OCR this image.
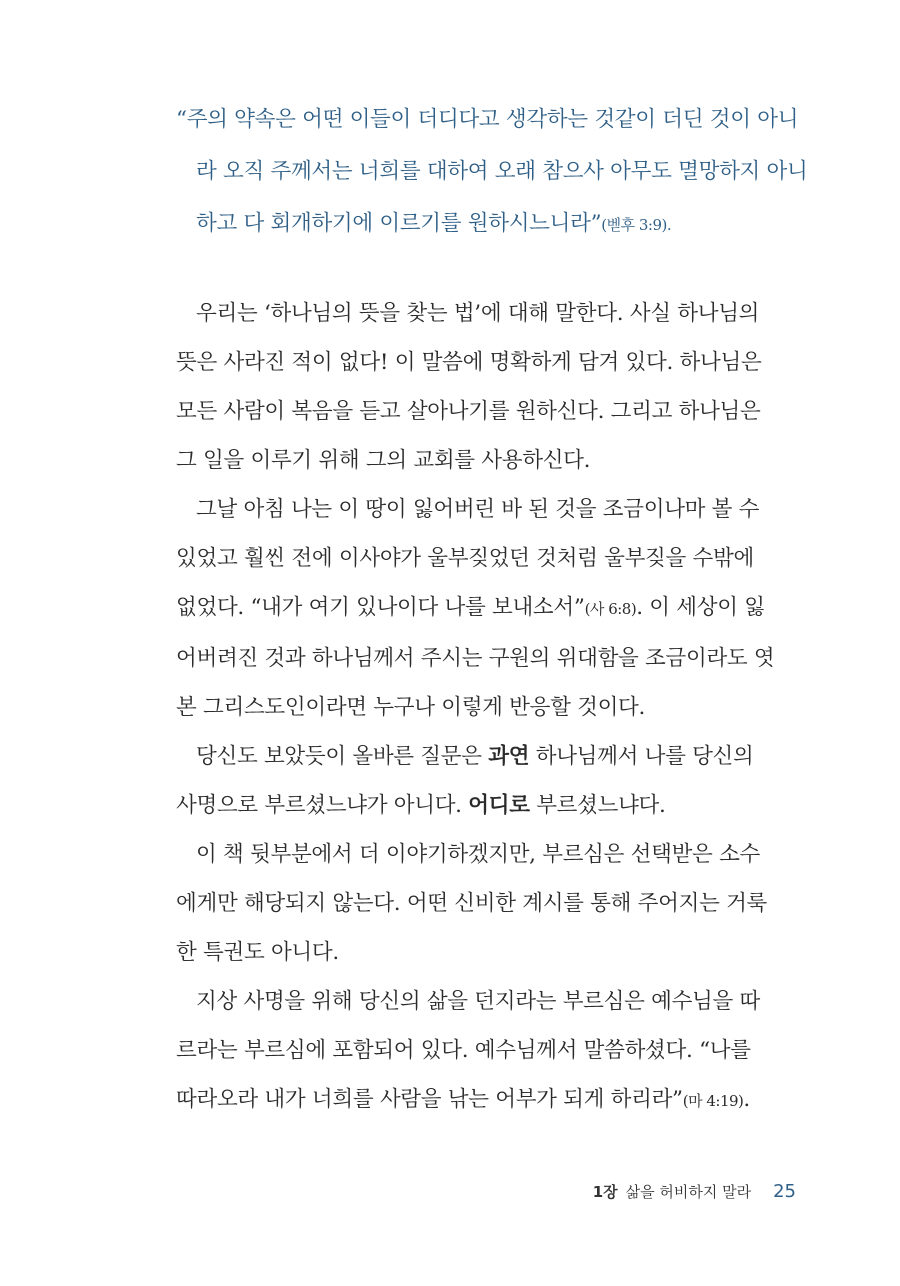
“주의 약속은 어떤 이들이 더디다고 생각하는 것같이 더딘 것이 아니
라 오직 주께서는 너희를 대하여 오래 참으사 아무도 멸망하지 아니
하고 다 회개하기에 이르기를 원하시느니라”(벧후 3:9).
우리는 ‘하나님의 뜻을 찾는 법’에 대해 말한다. 사실 하나님의
뜻은 사라진 적이 없다! 이 말씀에 명확하게 담겨 있다. 하나님은
모든 사람이 복음을 듣고 살아나기를 원하신다. 그리고 하나님은
그 일을 이루기 위해 그의 교회를 사용하신다.
그날 아침 나는 이 땅이 잃어버린 바 된 것을 조금이나마 볼 수
있었고 훨씬 전에 이사야가 울부짖었던 것처럼 울부짖을 수밖에
없었다. “내가 여기 있나이다 나를 보내소서”(사 6:8). 이 세상이 잃
어버려진 것과 하나님께서 주시는 구원의 위대함을 조금이라도 엿
본 그리스도인이라면 누구나 이렇게 반응할 것이다.
당신도 보았듯이 올바른 질문은 과연 하나님께서 나를 당신의
사명으로 부르셨느냐가 아니다. 어디로 부르셨느냐다.
이 책 뒷부분에서 더 이야기하겠지만, 부르심은 선택받은 소수
에게만 해당되지 않는다. 어떤 신비한 계시를 통해 주어지는 거룩
한 특권도 아니다.
지상 사명을 위해 당신의 삶을 던지라는 부르심은 예수님을 따
르라는 부르심에 포함되어 있다. 예수님께서 말씀하셨다. “나를
따라오라 내가 너희를 사람을 낚는 어부가 되게 하리라”(마 4:19).
1장 삶을 허비하지 말라 25
